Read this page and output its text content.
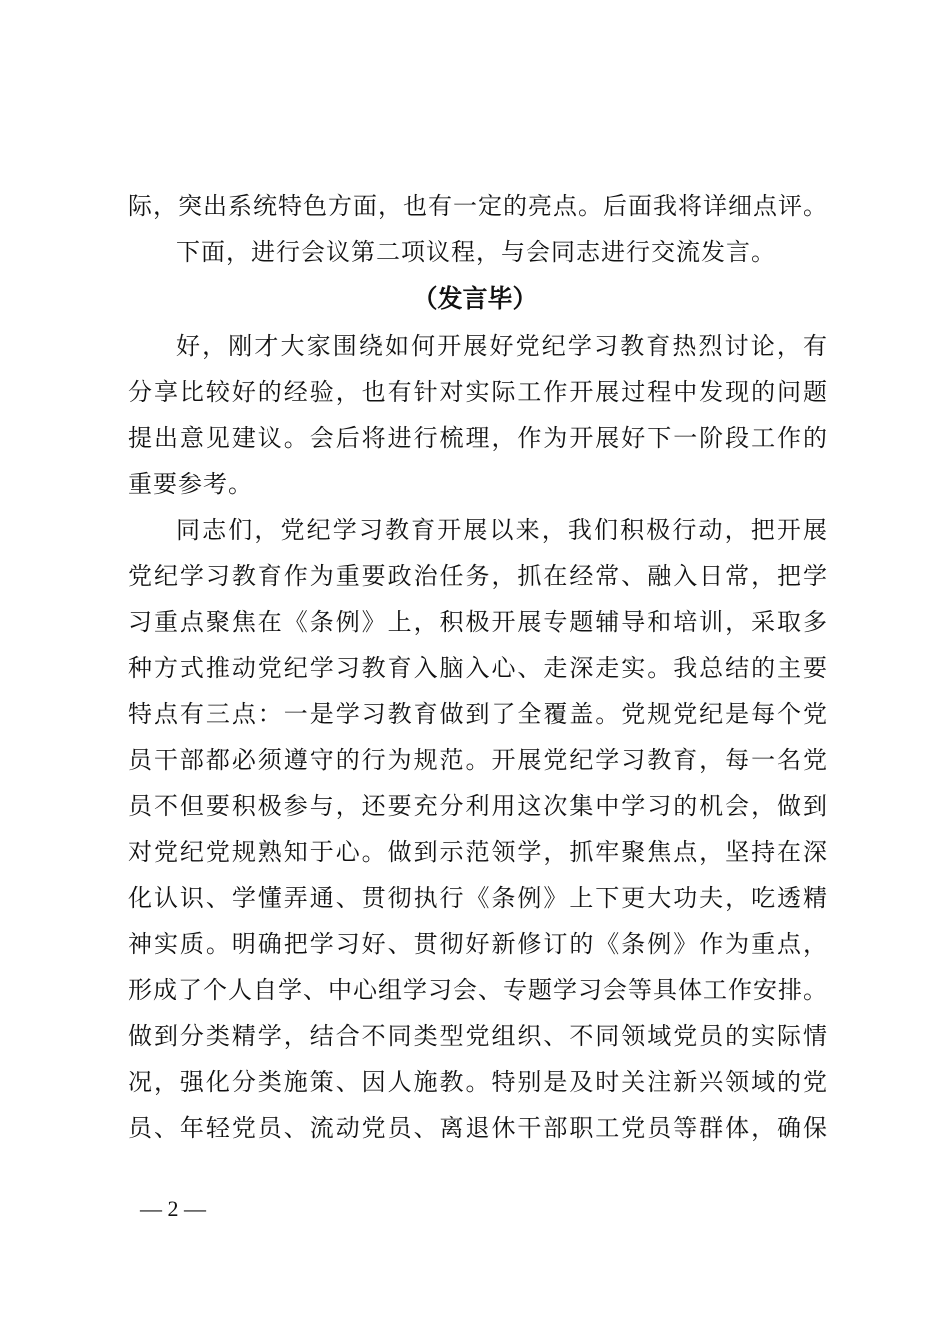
际，突出系统特色方面，也有一定的亮点。后面我将详细点评。
下面，进行会议第二项议程，与会同志进行交流发言。
（发言毕）
好，刚才大家围绕如何开展好党纪学习教育热烈讨论，有
分享比较好的经验，也有针对实际工作开展过程中发现的问题
提出意见建议。会后将进行梳理，作为开展好下一阶段工作的
重要参考。
同志们，党纪学习教育开展以来，我们积极行动，把开展
党纪学习教育作为重要政治任务，抓在经常、融入日常，把学
习重点聚焦在《条例》上，积极开展专题辅导和培训，采取多
种方式推动党纪学习教育入脑入心、走深走实。我总结的主要
特点有三点：一是学习教育做到了全覆盖。党规党纪是每个党
员干部都必须遵守的行为规范。开展党纪学习教育，每一名党
员不但要积极参与，还要充分利用这次集中学习的机会，做到
对党纪党规熟知于心。做到示范领学，抓牢聚焦点，坚持在深
化认识、学懂弄通、贯彻执行《条例》上下更大功夫，吃透精
神实质。明确把学习好、贯彻好新修订的《条例》作为重点，
形成了个人自学、中心组学习会、专题学习会等具体工作安排。
做到分类精学，结合不同类型党组织、不同领域党员的实际情
况，强化分类施策、因人施教。特别是及时关注新兴领域的党
员、年轻党员、流动党员、离退休干部职工党员等群体，确保
— 2 —
